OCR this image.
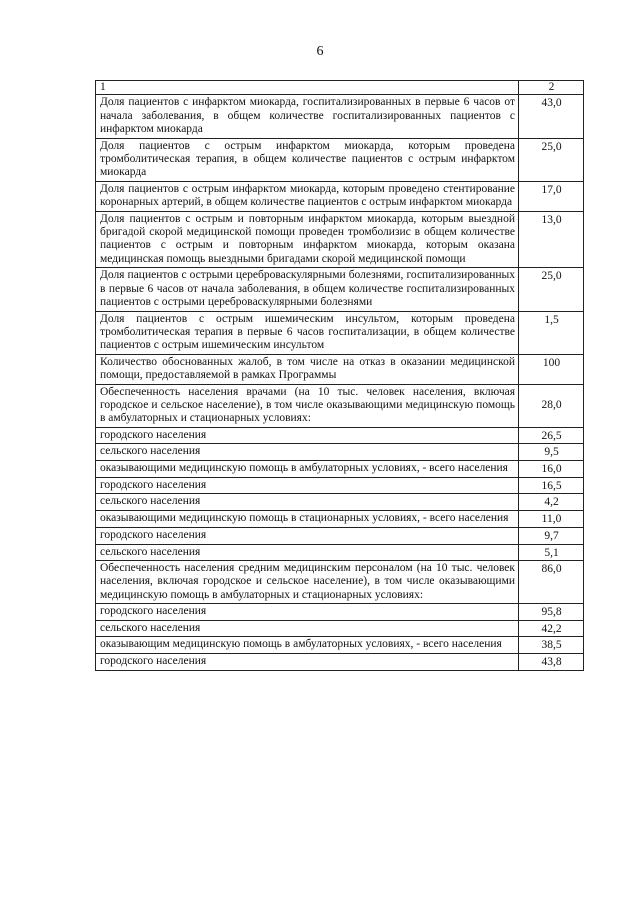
6
1	2
Доля пациентов с инфарктом миокарда, госпитализированных в первые 6 часов от начала заболевания, в общем количестве госпитализированных пациентов с инфарктом миокарда	43,0
Доля пациентов с острым инфарктом миокарда, которым проведена тромболитическая терапия, в общем количестве пациентов с острым инфарктом миокарда	25,0
Доля пациентов с острым инфарктом миокарда, которым проведено стентирование коронарных артерий, в общем количестве пациентов с острым инфарктом миокарда	17,0
Доля пациентов с острым и повторным инфарктом миокарда, которым выездной бригадой скорой медицинской помощи проведен тромболизис в общем количестве пациентов с острым и повторным инфарктом миокарда, которым оказана медицинская помощь выездными бригадами скорой медицинской помощи	13,0
Доля пациентов с острыми цереброваскулярными болезнями, госпитализированных в первые 6 часов от начала заболевания, в общем количестве госпитализированных пациентов с острыми цереброваскулярными болезнями	25,0
Доля пациентов с острым ишемическим инсультом, которым проведена тромболитическая терапия в первые 6 часов госпитализации, в общем количестве пациентов с острым ишемическим инсультом	1,5
Количество обоснованных жалоб, в том числе на отказ в оказании медицинской помощи, предоставляемой в рамках Программы	100
Обеспеченность населения врачами (на 10 тыс. человек населения, включая городское и сельское население), в том числе оказывающими медицинскую помощь в амбулаторных и стационарных условиях:	28,0
городского населения	26,5
сельского населения	9,5
оказывающими медицинскую помощь в амбулаторных условиях, - всего населения	16,0
городского населения	16,5
сельского населения	4,2
оказывающими медицинскую помощь в стационарных условиях, - всего населения	11,0
городского населения	9,7
сельского населения	5,1
Обеспеченность населения средним медицинским персоналом (на 10 тыс. человек населения, включая городское и сельское население), в том числе оказывающими медицинскую помощь в амбулаторных и стационарных условиях:	86,0
городского населения	95,8
сельского населения	42,2
оказывающим медицинскую помощь в амбулаторных условиях, - всего населения	38,5
городского населения	43,8
